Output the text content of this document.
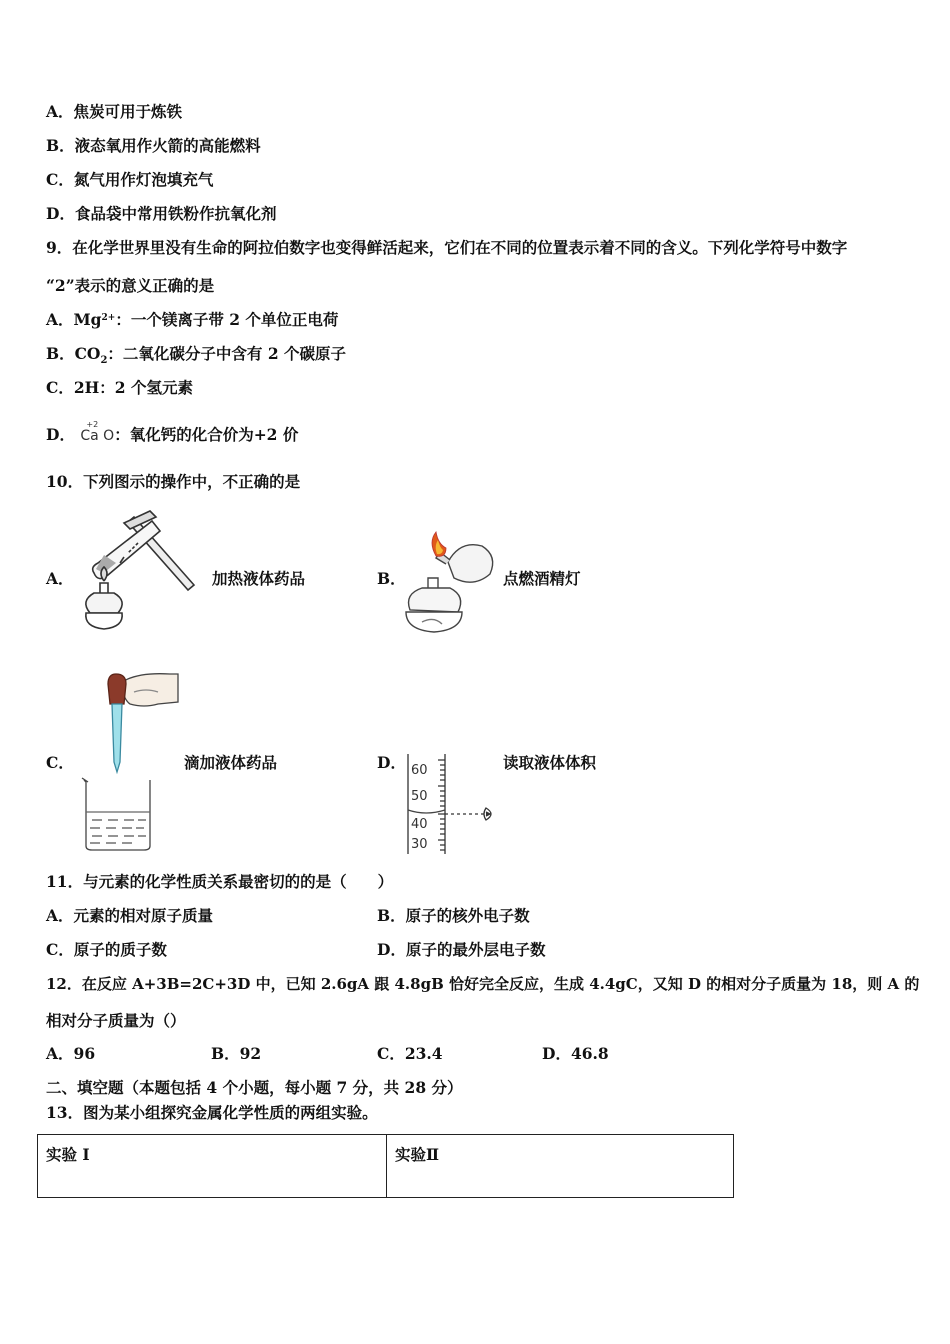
A．焦炭可用于炼铁
B．液态氧用作火箭的高能燃料
C．氮气用作灯泡填充气
D．食品袋中常用铁粉作抗氧化剂
9．在化学世界里没有生命的阿拉伯数字也变得鲜活起来，它们在不同的位置表示着不同的含义。下列化学符号中数字
“2”表示的意义正确的是
A．$Mg^{2+}$：一个镁离子带 2 个单位正电荷
B．$CO_2$：二氧化碳分子中含有 2 个碳原子
C．2H：2 个氢元素
D．
+2
Ca O：氧化钙的化合价为+2 价
10．下列图示的操作中，不正确的是
A．	加热液体药品	B．	点燃酒精灯
C．	滴加液体药品	D．	读取液体体积
60
50
40
30
11．与元素的化学性质关系最密切的的是（　　）
A．元素的相对原子质量	B．原子的核外电子数
C．原子的质子数	D．原子的最外层电子数
12．在反应 A+3B=2C+3D 中，已知 2.6gA 跟 4.8gB 恰好完全反应，生成 4.4gC，又知 D 的相对分子质量为 18，则 A 的
相对分子质量为（）
A．96	B．92	C．23.4	D．46.8
二、填空题（本题包括 4 个小题，每小题 7 分，共 28 分）
13．图为某小组探究金属化学性质的两组实验。
实验 I	实验Ⅱ
